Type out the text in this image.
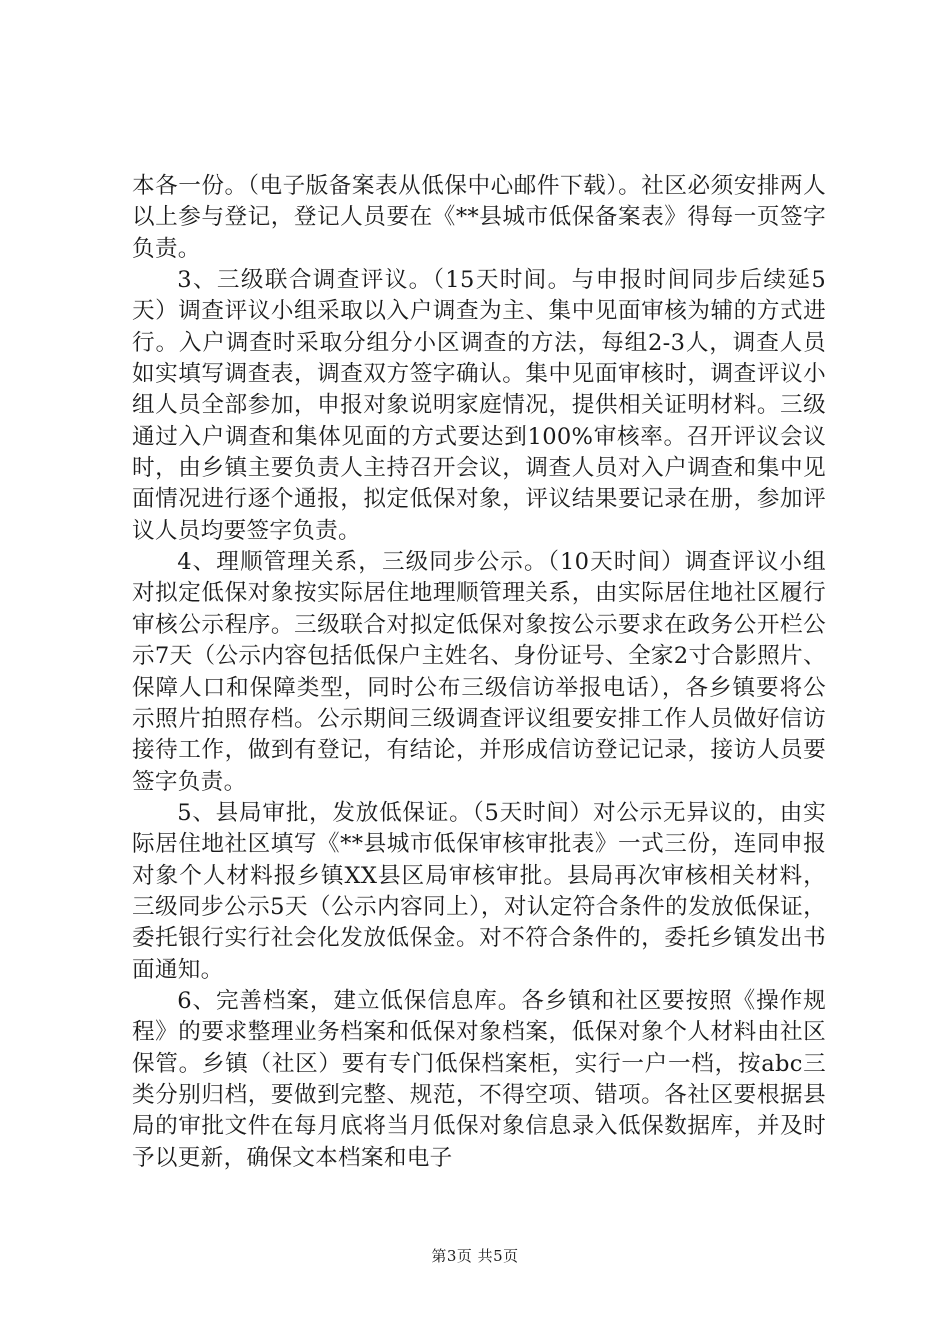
本各一份。（电子版备案表从低保中心邮件下载）。社区必须安排两人以上参与登记，登记人员要在《**县城市低保备案表》得每一页签字负责。

3、三级联合调查评议。（15天时间。与申报时间同步后续延5天）调查评议小组采取以入户调查为主、集中见面审核为辅的方式进行。入户调查时采取分组分小区调查的方法，每组2-3人，调查人员如实填写调查表，调查双方签字确认。集中见面审核时，调查评议小组人员全部参加，申报对象说明家庭情况，提供相关证明材料。三级通过入户调查和集体见面的方式要达到100%审核率。召开评议会议时，由乡镇主要负责人主持召开会议，调查人员对入户调查和集中见面情况进行逐个通报，拟定低保对象，评议结果要记录在册，参加评议人员均要签字负责。

4、理顺管理关系，三级同步公示。（10天时间）调查评议小组对拟定低保对象按实际居住地理顺管理关系，由实际居住地社区履行审核公示程序。三级联合对拟定低保对象按公示要求在政务公开栏公示7天（公示内容包括低保户主姓名、身份证号、全家2寸合影照片、保障人口和保障类型，同时公布三级信访举报电话），各乡镇要将公示照片拍照存档。公示期间三级调查评议组要安排工作人员做好信访接待工作，做到有登记，有结论，并形成信访登记记录，接访人员要签字负责。

5、县局审批，发放低保证。（5天时间）对公示无异议的，由实际居住地社区填写《**县城市低保审核审批表》一式三份，连同申报对象个人材料报乡镇XX县区局审核审批。县局再次审核相关材料，三级同步公示5天（公示内容同上），对认定符合条件的发放低保证，委托银行实行社会化发放低保金。对不符合条件的，委托乡镇发出书面通知。

6、完善档案，建立低保信息库。各乡镇和社区要按照《操作规程》的要求整理业务档案和低保对象档案，低保对象个人材料由社区保管。乡镇（社区）要有专门低保档案柜，实行一户一档，按abc三类分别归档，要做到完整、规范，不得空项、错项。各社区要根据县局的审批文件在每月底将当月低保对象信息录入低保数据库，并及时予以更新，确保文本档案和电子

第3页 共5页
